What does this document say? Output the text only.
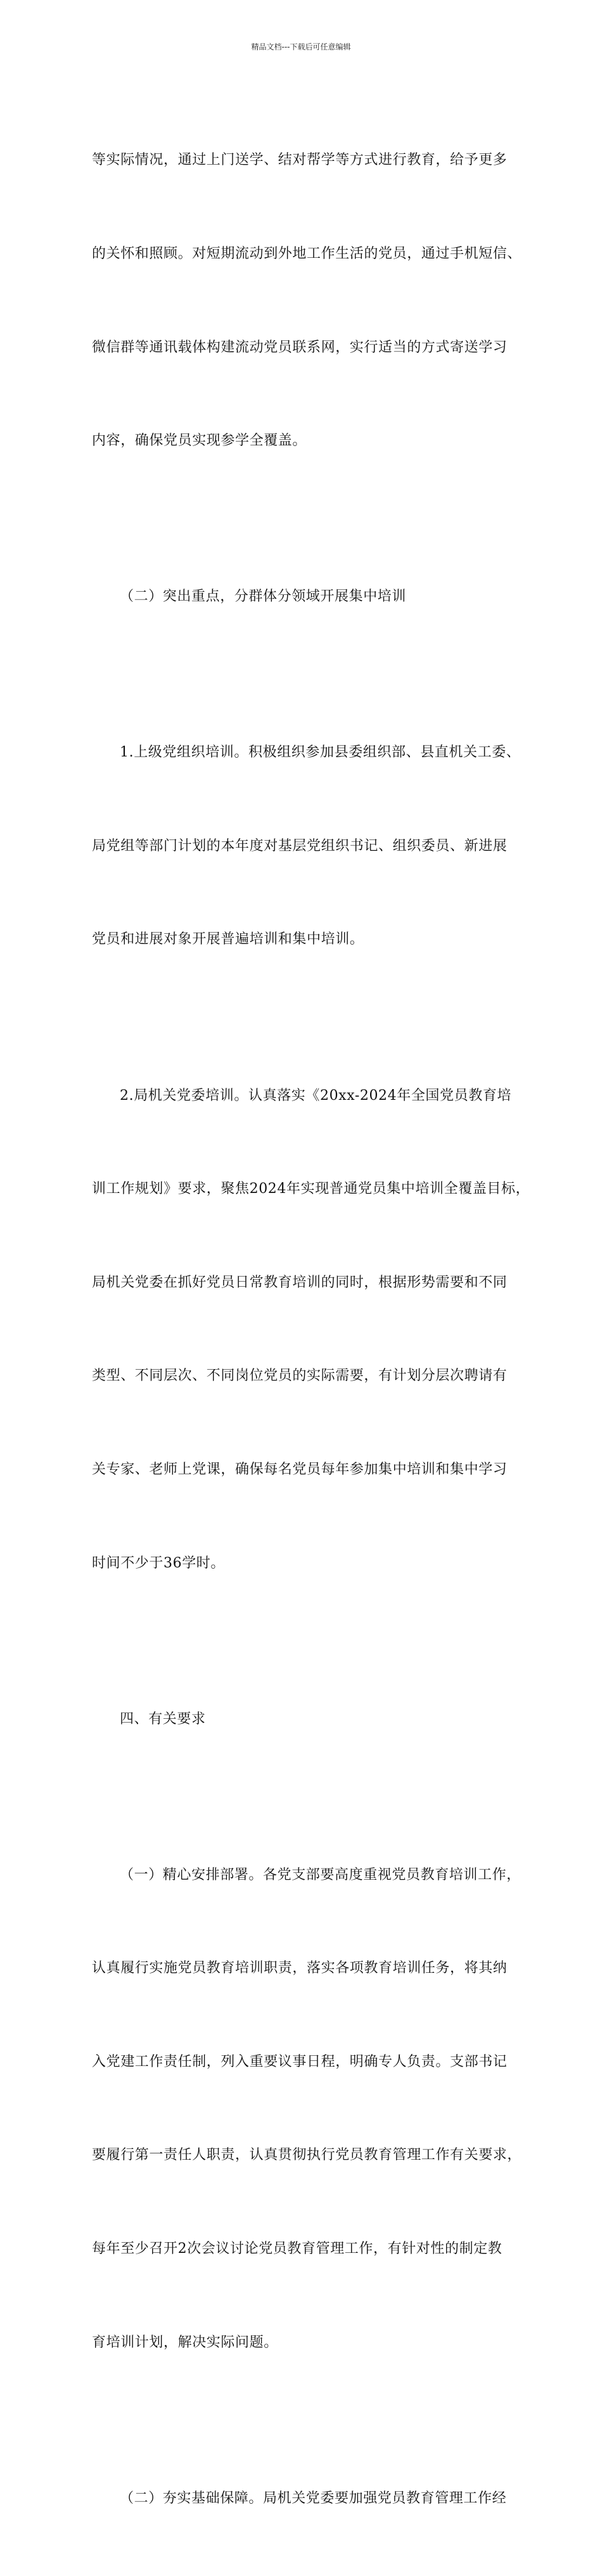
精品文档---下载后可任意编辑

等实际情况，通过上门送学、结对帮学等方式进行教育，给予更多

的关怀和照顾。对短期流动到外地工作生活的党员，通过手机短信、

微信群等通讯载体构建流动党员联系网，实行适当的方式寄送学习

内容，确保党员实现参学全覆盖。

（二）突出重点，分群体分领域开展集中培训

1.上级党组织培训。积极组织参加县委组织部、县直机关工委、

局党组等部门计划的本年度对基层党组织书记、组织委员、新进展

党员和进展对象开展普遍培训和集中培训。

2.局机关党委培训。认真落实《20xx-2024年全国党员教育培

训工作规划》要求，聚焦2024年实现普通党员集中培训全覆盖目标，

局机关党委在抓好党员日常教育培训的同时，根据形势需要和不同

类型、不同层次、不同岗位党员的实际需要，有计划分层次聘请有

关专家、老师上党课，确保每名党员每年参加集中培训和集中学习

时间不少于36学时。

四、有关要求

（一）精心安排部署。各党支部要高度重视党员教育培训工作，

认真履行实施党员教育培训职责，落实各项教育培训任务，将其纳

入党建工作责任制，列入重要议事日程，明确专人负责。支部书记

要履行第一责任人职责，认真贯彻执行党员教育管理工作有关要求，

每年至少召开2次会议讨论党员教育管理工作，有针对性的制定教

育培训计划，解决实际问题。

（二）夯实基础保障。局机关党委要加强党员教育管理工作经
